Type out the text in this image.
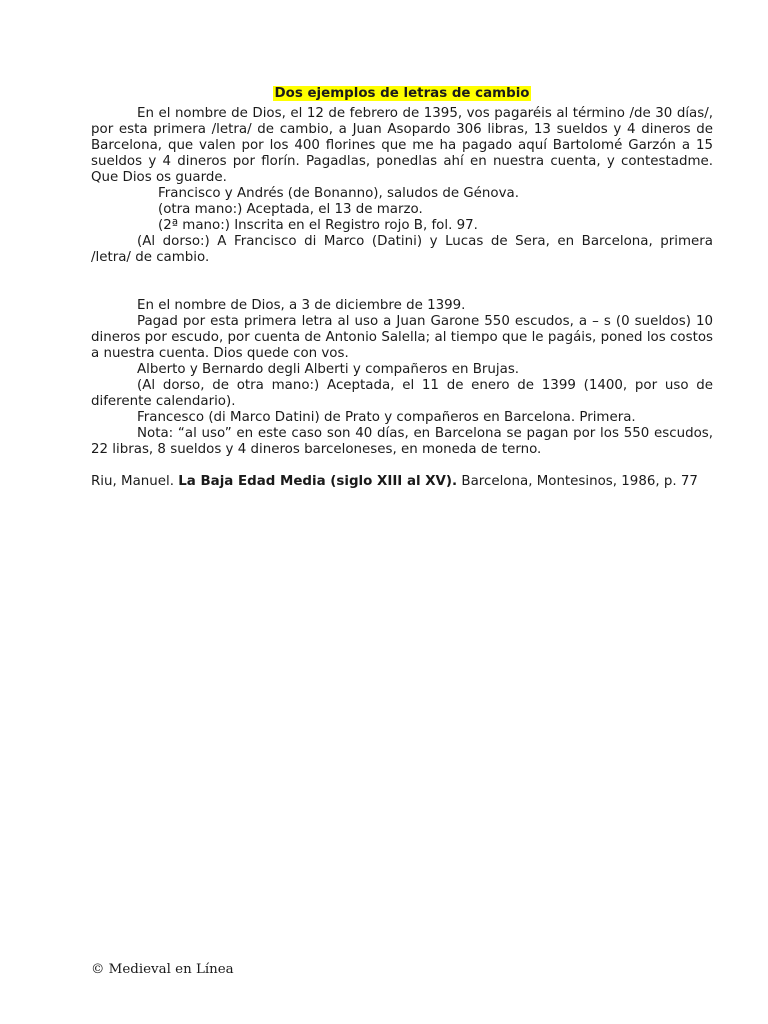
Dos ejemplos de letras de cambio

En el nombre de Dios, el 12 de febrero de 1395, vos pagaréis al término /de 30 días/, por esta primera /letra/ de cambio, a Juan Asopardo 306 libras, 13 sueldos y 4 dineros de Barcelona, que valen por los 400 florines que me ha pagado aquí Bartolomé Garzón a 15 sueldos y 4 dineros por florín. Pagadlas, ponedlas ahí en nuestra cuenta, y contestadme. Que Dios os guarde.

Francisco y Andrés (de Bonanno), saludos de Génova.

(otra mano:) Aceptada, el 13 de marzo.

(2ª mano:) Inscrita en el Registro rojo B, fol. 97.

(Al dorso:) A Francisco di Marco (Datini) y Lucas de Sera, en Barcelona, primera /letra/ de cambio.

En el nombre de Dios, a 3 de diciembre de 1399.

Pagad por esta primera letra al uso a Juan Garone 550 escudos, a – s (0 sueldos) 10 dineros por escudo, por cuenta de Antonio Salella; al tiempo que le pagáis, poned los costos a nuestra cuenta. Dios quede con vos.

Alberto y Bernardo degli Alberti y compañeros en Brujas.

(Al dorso, de otra mano:) Aceptada, el 11 de enero de 1399 (1400, por uso de diferente calendario).

Francesco (di Marco Datini) de Prato y compañeros en Barcelona. Primera.

Nota: “al uso” en este caso son 40 días, en Barcelona se pagan por los 550 escudos, 22 libras, 8 sueldos y 4 dineros barceloneses, en moneda de terno.

Riu, Manuel. La Baja Edad Media (siglo XIII al XV). Barcelona, Montesinos, 1986, p. 77

© Medieval en Línea
